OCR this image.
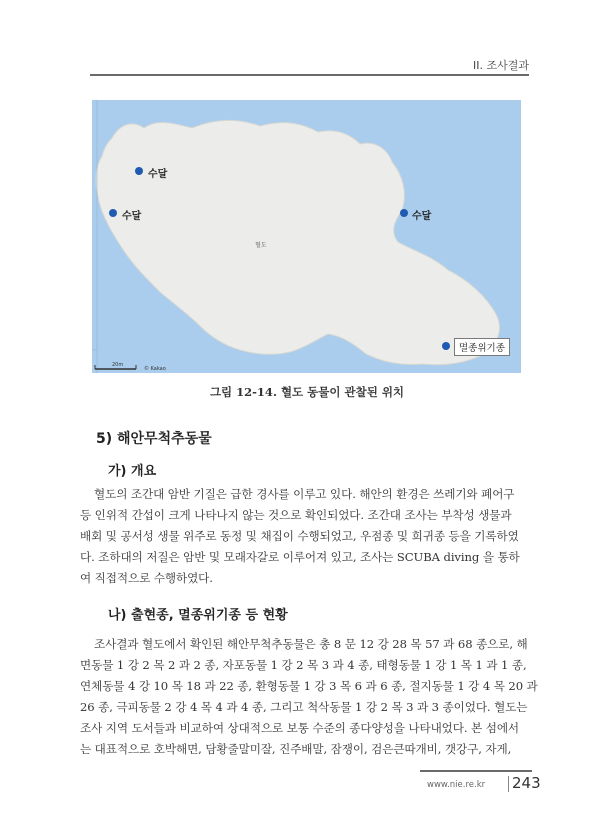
II. 조사결과
수달
수달	수달
멸종위기종
혈도
20m
© Kakao
그림 12-14. 혈도 동물이 관찰된 위치
5) 해안무척추동물
가) 개요
혈도의 조간대 암반 기질은 급한 경사를 이루고 있다. 해안의 환경은 쓰레기와 폐어구
등 인위적 간섭이 크게 나타나지 않는 것으로 확인되었다. 조간대 조사는 부착성 생물과
배회 및 공서성 생물 위주로 동정 및 채집이 수행되었고, 우점종 및 희귀종 등을 기록하였
다. 조하대의 저질은 암반 및 모래자갈로 이루어져 있고, 조사는 SCUBA diving 을 통하
여 직접적으로 수행하였다.
나) 출현종, 멸종위기종 등 현황
조사결과 혈도에서 확인된 해안무척추동물은 총 8 문 12 강 28 목 57 과 68 종으로, 해
면동물 1 강 2 목 2 과 2 종, 자포동물 1 강 2 목 3 과 4 종, 태형동물 1 강 1 목 1 과 1 종,
연체동물 4 강 10 목 18 과 22 종, 환형동물 1 강 3 목 6 과 6 종, 절지동물 1 강 4 목 20 과
26 종, 극피동물 2 강 4 목 4 과 4 종, 그리고 척삭동물 1 강 2 목 3 과 3 종이었다. 혈도는
조사 지역 도서들과 비교하여 상대적으로 보통 수준의 종다양성을 나타내었다. 본 섬에서
는 대표적으로 호박해면, 담황줄말미잘, 진주배말, 잠쟁이, 검은큰따개비, 갯강구, 자게,
www.nie.re.kr 243
